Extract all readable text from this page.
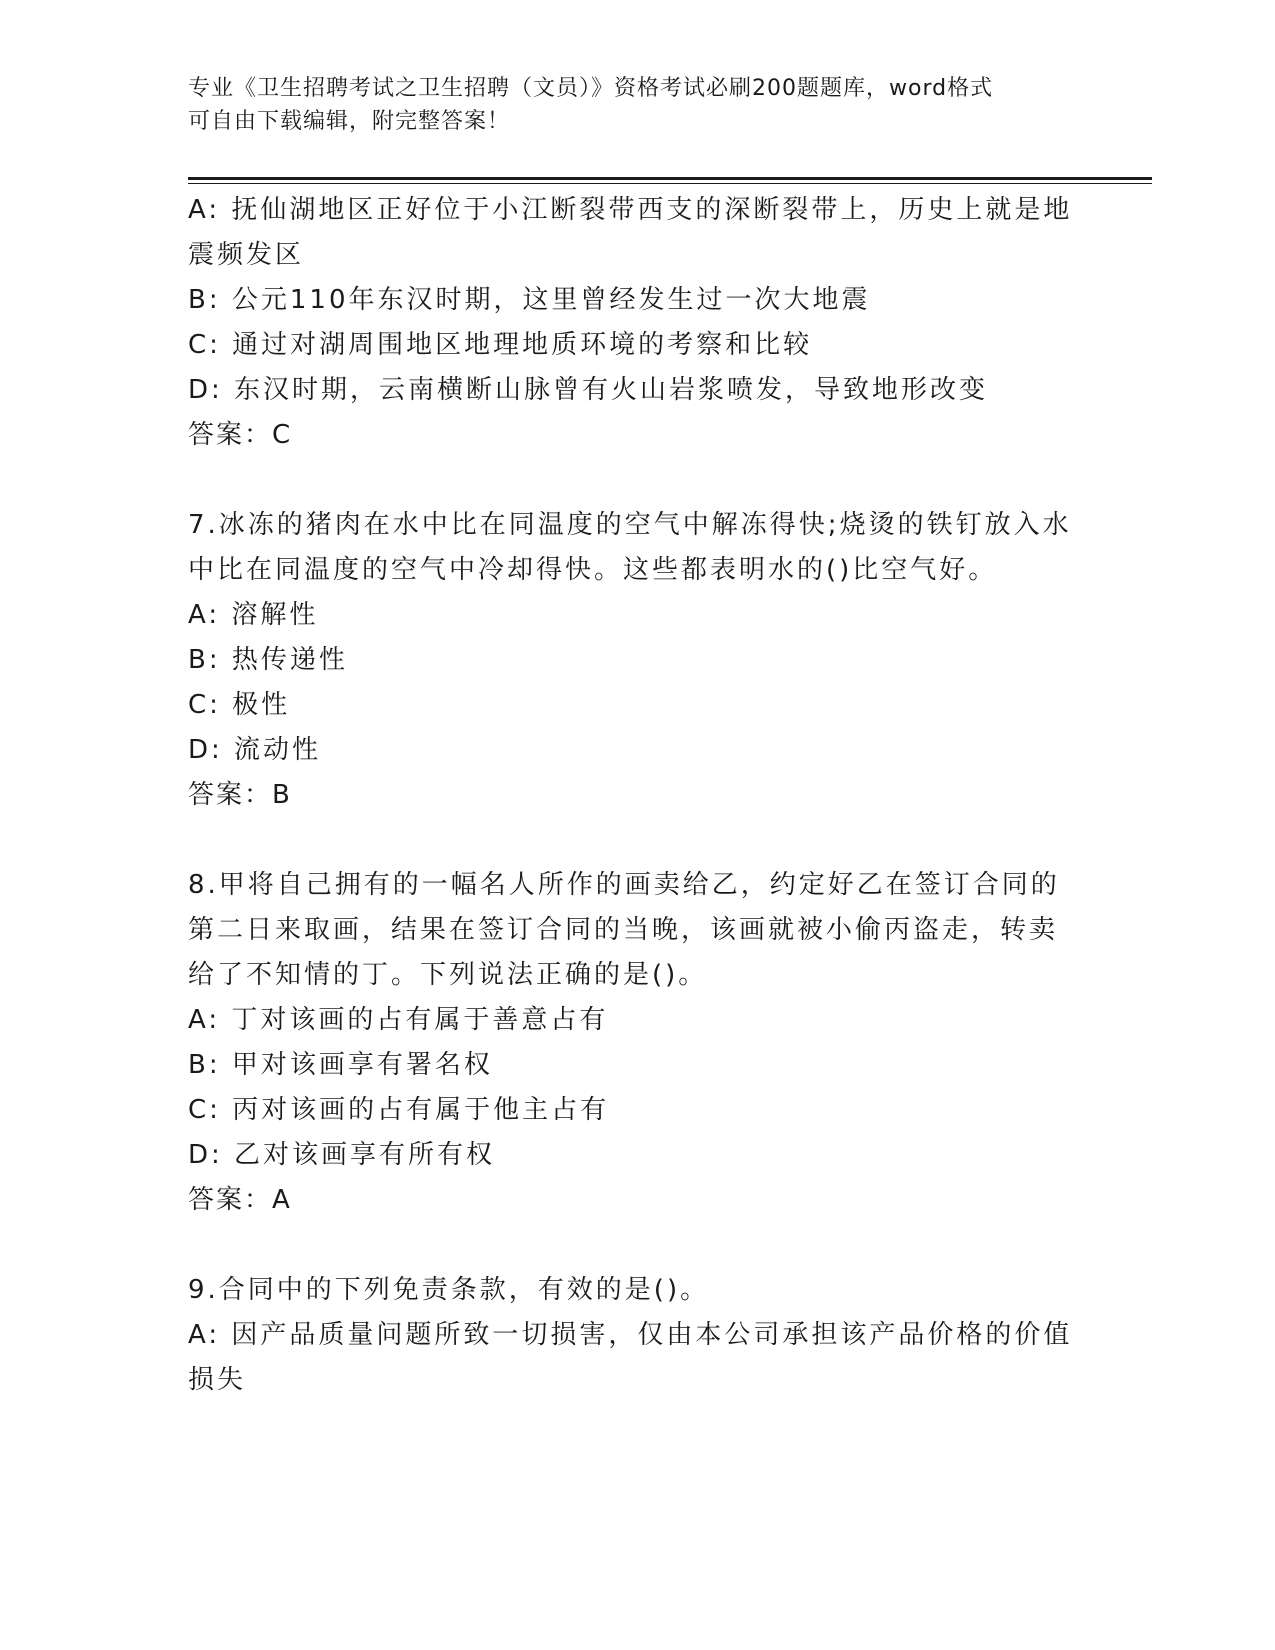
专业《卫生招聘考试之卫生招聘（文员）》资格考试必刷200题题库，word格式
可自由下载编辑，附完整答案！
A: 抚仙湖地区正好位于小江断裂带西支的深断裂带上，历史上就是地
震频发区
B: 公元110年东汉时期，这里曾经发生过一次大地震
C: 通过对湖周围地区地理地质环境的考察和比较
D: 东汉时期，云南横断山脉曾有火山岩浆喷发，导致地形改变
答案：C
7.冰冻的猪肉在水中比在同温度的空气中解冻得快;烧烫的铁钉放入水
中比在同温度的空气中冷却得快。这些都表明水的()比空气好。
A: 溶解性
B: 热传递性
C: 极性
D: 流动性
答案：B
8.甲将自己拥有的一幅名人所作的画卖给乙，约定好乙在签订合同的
第二日来取画，结果在签订合同的当晚，该画就被小偷丙盗走，转卖
给了不知情的丁。下列说法正确的是()。
A: 丁对该画的占有属于善意占有
B: 甲对该画享有署名权
C: 丙对该画的占有属于他主占有
D: 乙对该画享有所有权
答案：A
9.合同中的下列免责条款，有效的是()。
A: 因产品质量问题所致一切损害，仅由本公司承担该产品价格的价值
损失
